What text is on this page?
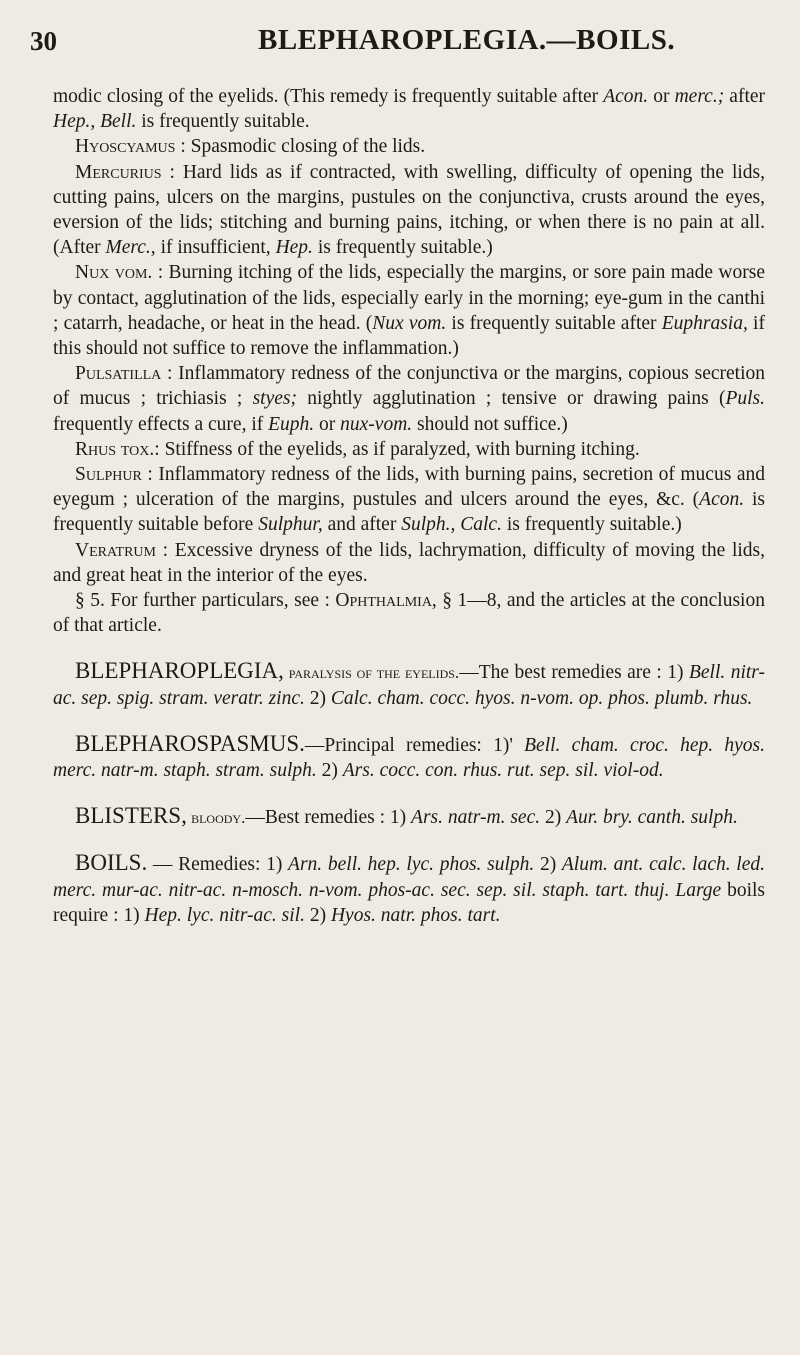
30	BLEPHAROPLEGIA.—BOILS.

modic closing of the eyelids. (This remedy is frequently suitable after Acon. or merc.; after Hep., Bell. is frequently suitable.

Hyoscyamus : Spasmodic closing of the lids.

Mercurius : Hard lids as if contracted, with swelling, difficulty of opening the lids, cutting pains, ulcers on the margins, pustules on the conjunctiva, crusts around the eyes, eversion of the lids; stitching and burning pains, itching, or when there is no pain at all. (After Merc., if insufficient, Hep. is frequently suitable.)

Nux vom. : Burning itching of the lids, especially the margins, or sore pain made worse by contact, agglutination of the lids, especially early in the morning; eye-gum in the canthi ; catarrh, headache, or heat in the head. (Nux vom. is frequently suitable after Euphrasia, if this should not suffice to remove the inflammation.)

Pulsatilla : Inflammatory redness of the conjunctiva or the margins, copious secretion of mucus ; trichiasis ; styes; nightly agglutination ; tensive or drawing pains (Puls. frequently effects a cure, if Euph. or nux-vom. should not suffice.)

Rhus tox.: Stiffness of the eyelids, as if paralyzed, with burning itching.

Sulphur : Inflammatory redness of the lids, with burning pains, secretion of mucus and eyegum ; ulceration of the margins, pustules and ulcers around the eyes, &c. (Acon. is frequently suitable before Sulphur, and after Sulph., Calc. is frequently suitable.)

Veratrum : Excessive dryness of the lids, lachrymation, difficulty of moving the lids, and great heat in the interior of the eyes.

§ 5. For further particulars, see : Ophthalmia, § 1—8, and the articles at the conclusion of that article.

BLEPHAROPLEGIA, paralysis of the eyelids.—The best remedies are : 1) Bell. nitr-ac. sep. spig. stram. veratr. zinc. 2) Calc. cham. cocc. hyos. n-vom. op. phos. plumb. rhus.

BLEPHAROSPASMUS.—Principal remedies: 1)' Bell. cham. croc. hep. hyos. merc. natr-m. staph. stram. sulph. 2) Ars. cocc. con. rhus. rut. sep. sil. viol-od.

BLISTERS, bloody.—Best remedies : 1) Ars. natr-m. sec. 2) Aur. bry. canth. sulph.

BOILS. — Remedies: 1) Arn. bell. hep. lyc. phos. sulph. 2) Alum. ant. calc. lach. led. merc. mur-ac. nitr-ac. n-mosch. n-vom. phos-ac. sec. sep. sil. staph. tart. thuj. Large boils require : 1) Hep. lyc. nitr-ac. sil. 2) Hyos. natr. phos. tart.
